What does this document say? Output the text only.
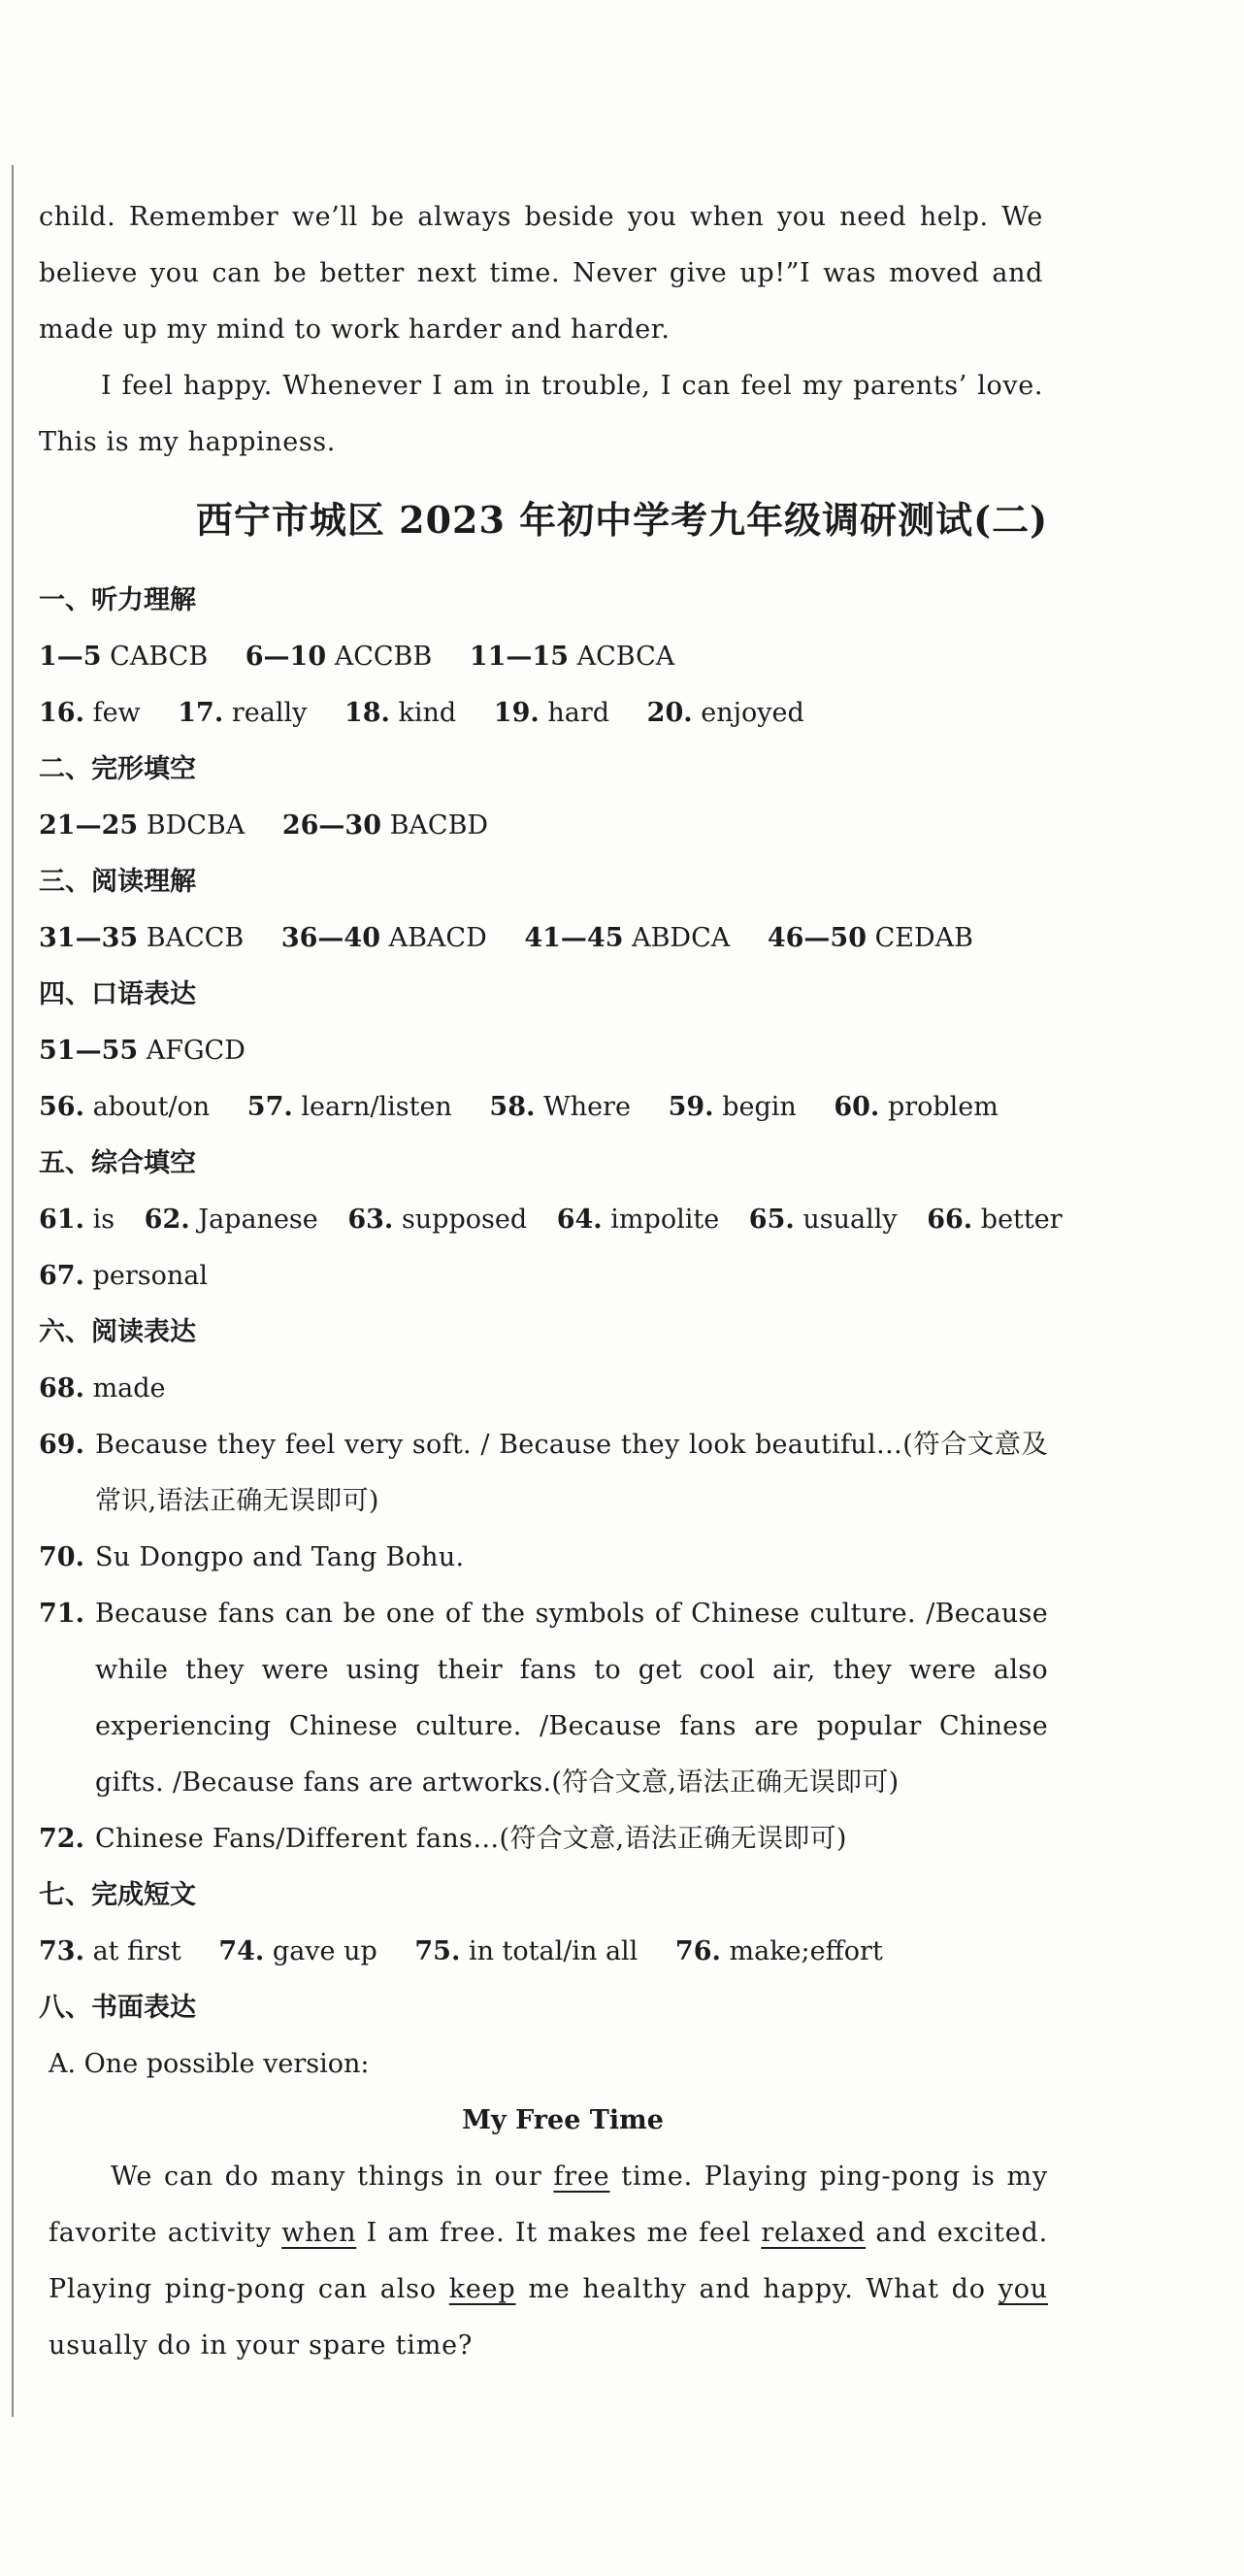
child. Remember we’ll be always beside you when you need help. We believe you can be better next time. Never give up!”I was moved and made up my mind to work harder and harder.

I feel happy. Whenever I am in trouble, I can feel my parents’ love. This is my happiness.

西宁市城区 2023 年初中学考九年级调研测试(二)
一、听力理解
1—5 CABCB 6—10 ACCBB 11—15 ACBCA
16. few 17. really 18. kind 19. hard 20. enjoyed
二、完形填空
21—25 BDCBA 26—30 BACBD
三、阅读理解
31—35 BACCB 36—40 ABACD 41—45 ABDCA 46—50 CEDAB
四、口语表达
51—55 AFGCD
56. about/on 57. learn/listen 58. Where 59. begin 60. problem
五、综合填空
61. is 62. Japanese 63. supposed 64. impolite 65. usually 66. better
67. personal
六、阅读表达
68. made
69. Because they feel very soft. / Because they look beautiful…(符合文意及常识,语法正确无误即可)
70. Su Dongpo and Tang Bohu.
71. Because fans can be one of the symbols of Chinese culture. /Because while they were using their fans to get cool air, they were also experiencing Chinese culture. /Because fans are popular Chinese gifts. /Because fans are artworks.(符合文意,语法正确无误即可)
72. Chinese Fans/Different fans…(符合文意,语法正确无误即可)
七、完成短文
73. at first 74. gave up 75. in total/in all 76. make;effort
八、书面表达
A. One possible version:
My Free Time

We can do many things in our free time. Playing ping-pong is my favorite activity when I am free. It makes me feel relaxed and excited. Playing ping-pong can also keep me healthy and happy. What do you usually do in your spare time?
